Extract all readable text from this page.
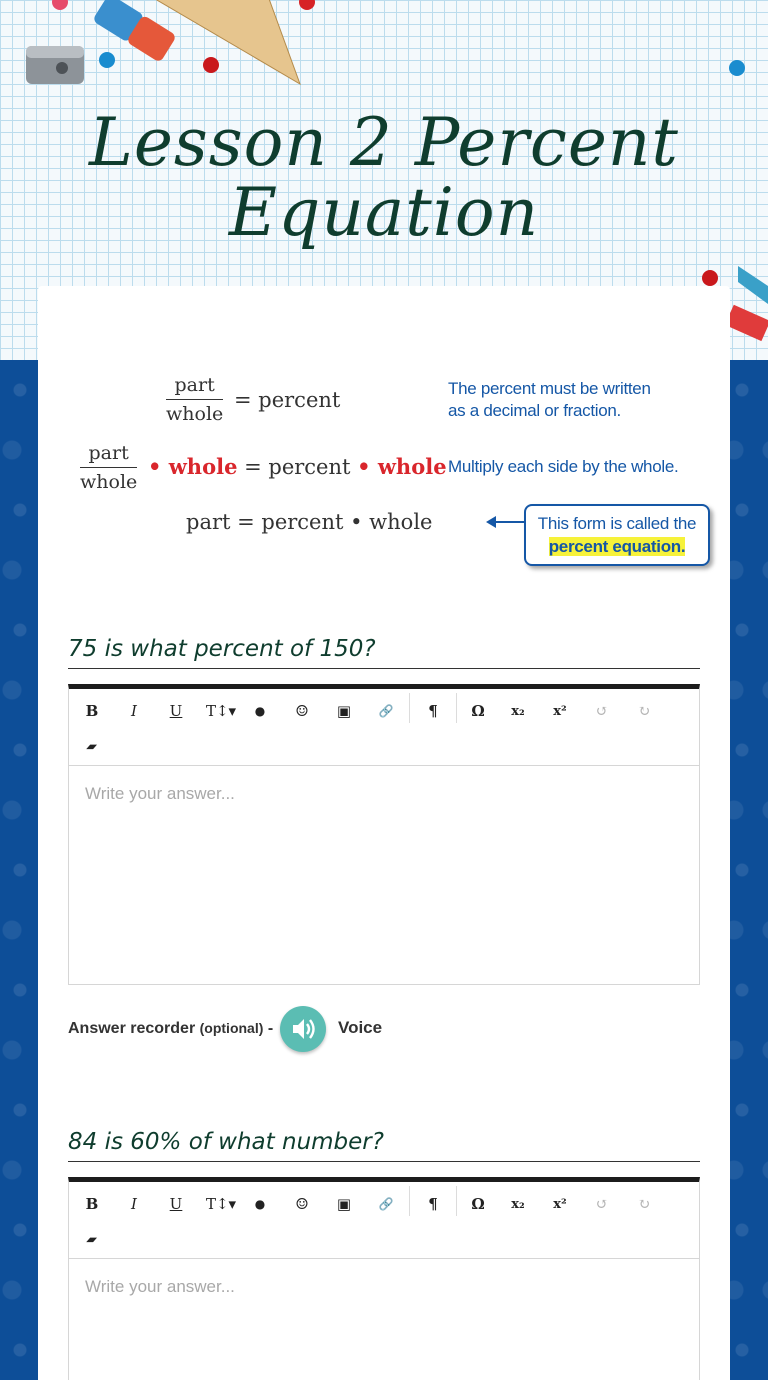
Lesson 2 Percent Equation
part
whole
= percent	The percent must be written
as a decimal or fraction.
part
whole
• whole = percent • whole Multiply each side by the whole.
part = percent • whole	This form is called the
percent equation.
75 is what percent of 150?
B	I	U	T↕▾	●	☺	▣	🔗	¶	Ω	x₂	x²	↺	↻
▰
Write your answer...
Answer recorder (optional) -	Voice
84 is 60% of what number?
B	I	U	T↕▾	●	☺	▣	🔗	¶	Ω	x₂	x²	↺	↻
▰
Write your answer...
